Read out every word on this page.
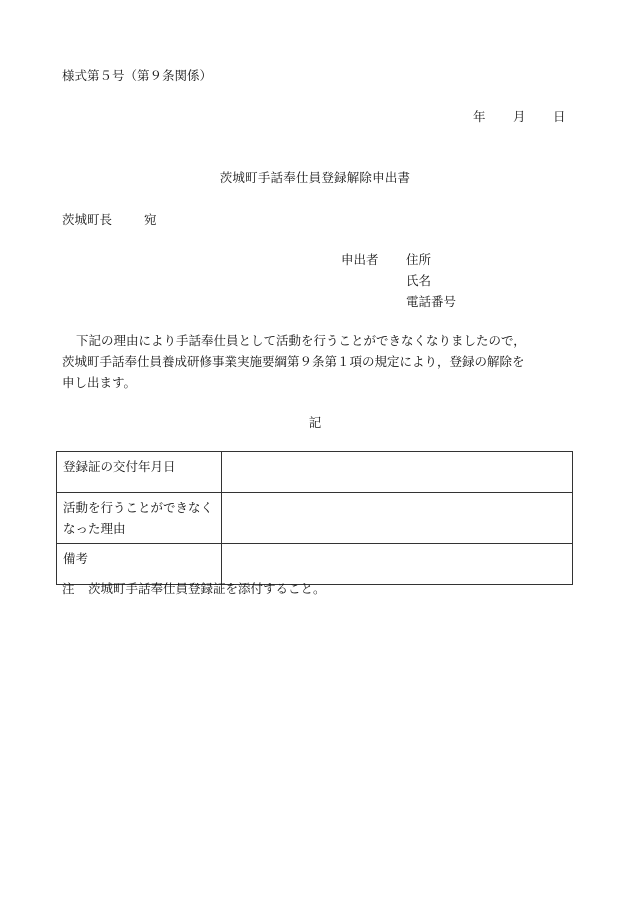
様式第５号（第９条関係）
年 月 日
茨城町手話奉仕員登録解除申出書
茨城町長	宛
申出者 住所
氏名
電話番号

下記の理由により手話奉仕員として活動を行うことができなくなりましたので，

茨城町手話奉仕員養成研修事業実施要綱第９条第１項の規定により，登録の解除を

申し出ます。

記
登録証の交付年月日	
活動を行うことができなくなった理由	
備考	
注 茨城町手話奉仕員登録証を添付すること。
